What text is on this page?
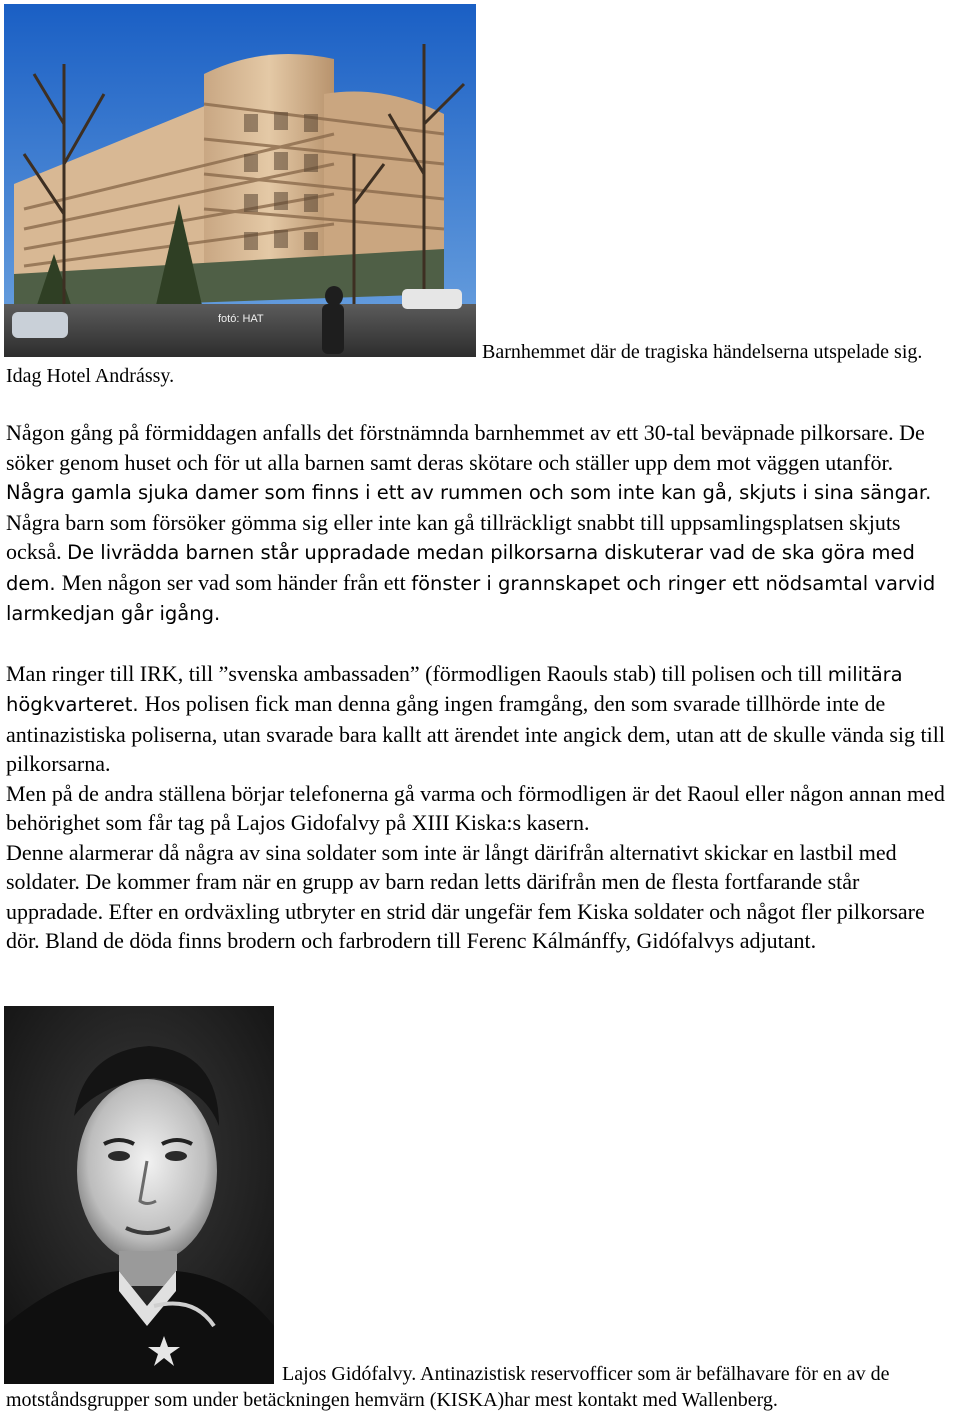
fotó: HAT
Barnhemmet där de tragiska händelserna utspelade sig.
Idag Hotel Andrássy.

Någon gång på förmiddagen anfalls det förstnämnda barnhemmet av ett 30-tal beväpnade pilkorsare. De söker genom huset och för ut alla barnen samt deras skötare och ställer upp dem mot väggen utanför. Några gamla sjuka damer som finns i ett av rummen och som inte kan gå, skjuts i sina sängar. Några barn som försöker gömma sig eller inte kan gå tillräckligt snabbt till uppsamlingsplatsen skjuts också. De livrädda barnen står uppradade medan pilkorsarna diskuterar vad de ska göra med dem. Men någon ser vad som händer från ett fönster i grannskapet och ringer ett nödsamtal varvid larmkedjan går igång.

Man ringer till IRK, till ”svenska ambassaden” (förmodligen Raouls stab) till polisen och till militära högkvarteret. Hos polisen fick man denna gång ingen framgång, den som svarade tillhörde inte de antinazistiska poliserna, utan svarade bara kallt att ärendet inte angick dem, utan att de skulle vända sig till pilkorsarna.

Men på de andra ställena börjar telefonerna gå varma och förmodligen är det Raoul eller någon annan med behörighet som får tag på Lajos Gidofalvy på XIII Kiska:s kasern.

Denne alarmerar då några av sina soldater som inte är långt därifrån alternativt skickar en lastbil med soldater. De kommer fram när en grupp av barn redan letts därifrån men de flesta fortfarande står uppradade. Efter en ordväxling utbryter en strid där ungefär fem Kiska soldater och något fler pilkorsare dör. Bland de döda finns brodern och farbrodern till Ferenc Kálmánffy, Gidófalvys adjutant.

Lajos Gidófalvy. Antinazistisk reservofficer som är befälhavare för en av de
motståndsgrupper som under betäckningen hemvärn (KISKA)har mest kontakt med Wallenberg.
